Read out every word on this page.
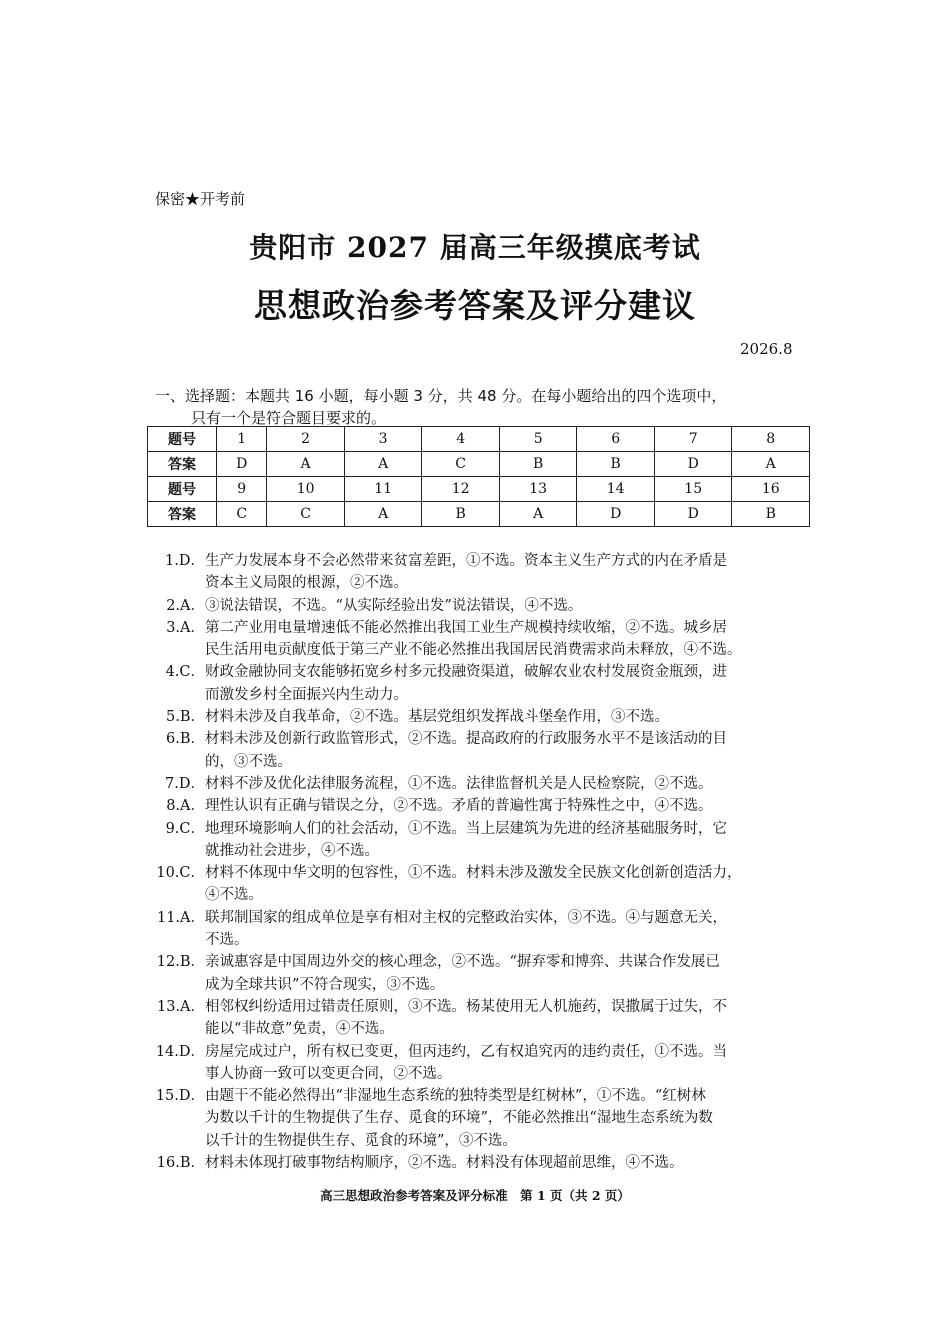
保密★开考前
贵阳市 2027 届高三年级摸底考试
思想政治参考答案及评分建议
2026.8
一、选择题：本题共 16 小题，每小题 3 分，共 48 分。在每小题给出的四个选项中，
只有一个是符合题目要求的。
题号	1	2	3	4	5	6	7	8
答案	D	A	A	C	B	B	D	A
题号	9	10	11	12	13	14	15	16
答案	C	C	A	B	A	D	D	B
1.D． 生产力发展本身不会必然带来贫富差距，①不选。资本主义生产方式的内在矛盾是
资本主义局限的根源，②不选。
2.A． ③说法错误，不选。“从实际经验出发”说法错误，④不选。
3.A． 第二产业用电量增速低不能必然推出我国工业生产规模持续收缩，②不选。城乡居
民生活用电贡献度低于第三产业不能必然推出我国居民消费需求尚未释放，④不选。
4.C． 财政金融协同支农能够拓宽乡村多元投融资渠道，破解农业农村发展资金瓶颈，进
而激发乡村全面振兴内生动力。
5.B． 材料未涉及自我革命，②不选。基层党组织发挥战斗堡垒作用，③不选。
6.B． 材料未涉及创新行政监管形式，②不选。提高政府的行政服务水平不是该活动的目
的，③不选。
7.D． 材料不涉及优化法律服务流程，①不选。法律监督机关是人民检察院，②不选。
8.A． 理性认识有正确与错误之分，②不选。矛盾的普遍性寓于特殊性之中，④不选。
9.C． 地理环境影响人们的社会活动，①不选。当上层建筑为先进的经济基础服务时，它
就推动社会进步，④不选。
10.C． 材料不体现中华文明的包容性，①不选。材料未涉及激发全民族文化创新创造活力，
④不选。
11.A． 联邦制国家的组成单位是享有相对主权的完整政治实体，③不选。④与题意无关，
不选。
12.B． 亲诚惠容是中国周边外交的核心理念，②不选。“摒弃零和博弈、共谋合作发展已
成为全球共识”不符合现实，③不选。
13.A． 相邻权纠纷适用过错责任原则，③不选。杨某使用无人机施药，误撒属于过失，不
能以“非故意”免责，④不选。
14.D． 房屋完成过户，所有权已变更，但丙违约，乙有权追究丙的违约责任，①不选。当
事人协商一致可以变更合同，②不选。
15.D． 由题干不能必然得出“非湿地生态系统的独特类型是红树林”，①不选。“红树林
为数以千计的生物提供了生存、觅食的环境”，不能必然推出“湿地生态系统为数
以千计的生物提供生存、觅食的环境”，③不选。
16.B． 材料未体现打破事物结构顺序，②不选。材料没有体现超前思维，④不选。
高三思想政治参考答案及评分标准　第 1 页（共 2 页）
